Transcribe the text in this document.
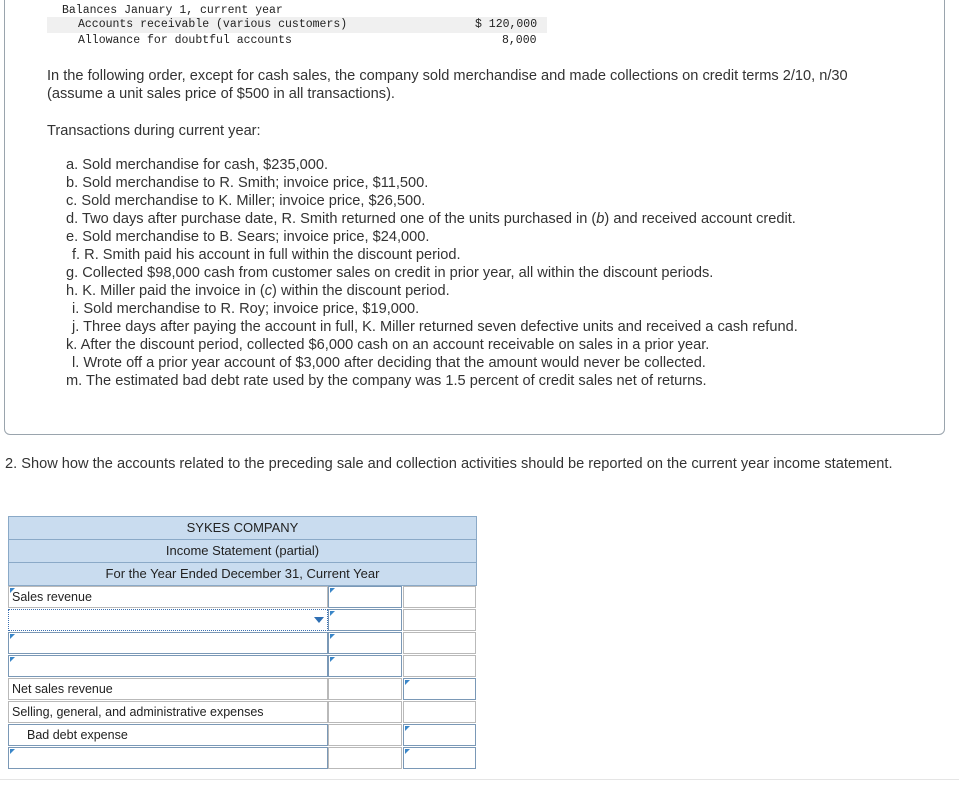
Balances January 1, current year
Accounts receivable (various customers)	$ 120,000
Allowance for doubtful accounts	8,000
In the following order, except for cash sales, the company sold merchandise and made collections on credit terms 2/10, n/30 (assume a unit sales price of $500 in all transactions).
Transactions during current year:
a. Sold merchandise for cash, $235,000.
b. Sold merchandise to R. Smith; invoice price, $11,500.
c. Sold merchandise to K. Miller; invoice price, $26,500.
d. Two days after purchase date, R. Smith returned one of the units purchased in (b) and received account credit.
e. Sold merchandise to B. Sears; invoice price, $24,000.
f. R. Smith paid his account in full within the discount period.
g. Collected $98,000 cash from customer sales on credit in prior year, all within the discount periods.
h. K. Miller paid the invoice in (c) within the discount period.
i. Sold merchandise to R. Roy; invoice price, $19,000.
j. Three days after paying the account in full, K. Miller returned seven defective units and received a cash refund.
k. After the discount period, collected $6,000 cash on an account receivable on sales in a prior year.
l. Wrote off a prior year account of $3,000 after deciding that the amount would never be collected.
m. The estimated bad debt rate used by the company was 1.5 percent of credit sales net of returns.
2. Show how the accounts related to the preceding sale and collection activities should be reported on the current year income statement.
SYKES COMPANY
Income Statement (partial)
For the Year Ended December 31, Current Year
Sales revenue
Net sales revenue
Selling, general, and administrative expenses
Bad debt expense
